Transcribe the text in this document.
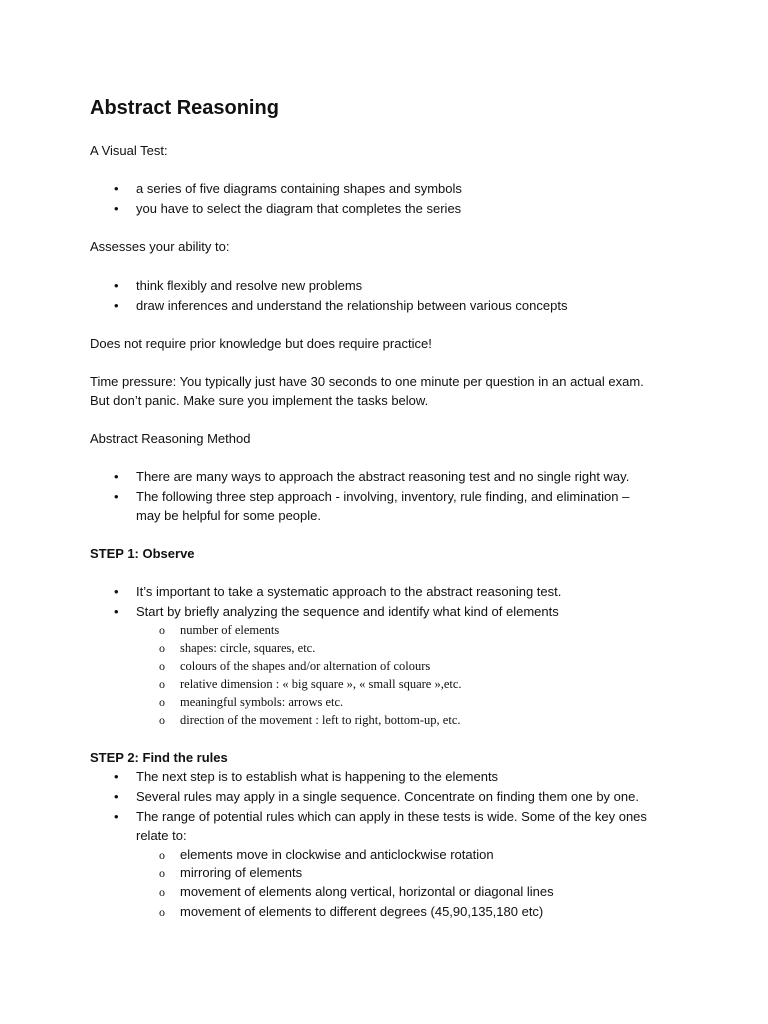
Abstract Reasoning
A Visual Test:
• a series of five diagrams containing shapes and symbols
• you have to select the diagram that completes the series
Assesses your ability to:
• think flexibly and resolve new problems
• draw inferences and understand the relationship between various concepts
Does not require prior knowledge but does require practice!
Time pressure: You typically just have 30 seconds to one minute per question in an actual exam.
But don’t panic. Make sure you implement the tasks below.
Abstract Reasoning Method
• There are many ways to approach the abstract reasoning test and no single right way.
• The following three step approach - involving, inventory, rule finding, and elimination –
may be helpful for some people.
STEP 1: Observe
• It’s important to take a systematic approach to the abstract reasoning test.
• Start by briefly analyzing the sequence and identify what kind of elements
o number of elements
o shapes: circle, squares, etc.
o colours of the shapes and/or alternation of colours
o relative dimension : « big square », « small square »,etc.
o meaningful symbols: arrows etc.
o direction of the movement : left to right, bottom-up, etc.
STEP 2: Find the rules
• The next step is to establish what is happening to the elements
• Several rules may apply in a single sequence. Concentrate on finding them one by one.
• The range of potential rules which can apply in these tests is wide. Some of the key ones
relate to:
o elements move in clockwise and anticlockwise rotation
o mirroring of elements
o movement of elements along vertical, horizontal or diagonal lines
o movement of elements to different degrees (45,90,135,180 etc)
